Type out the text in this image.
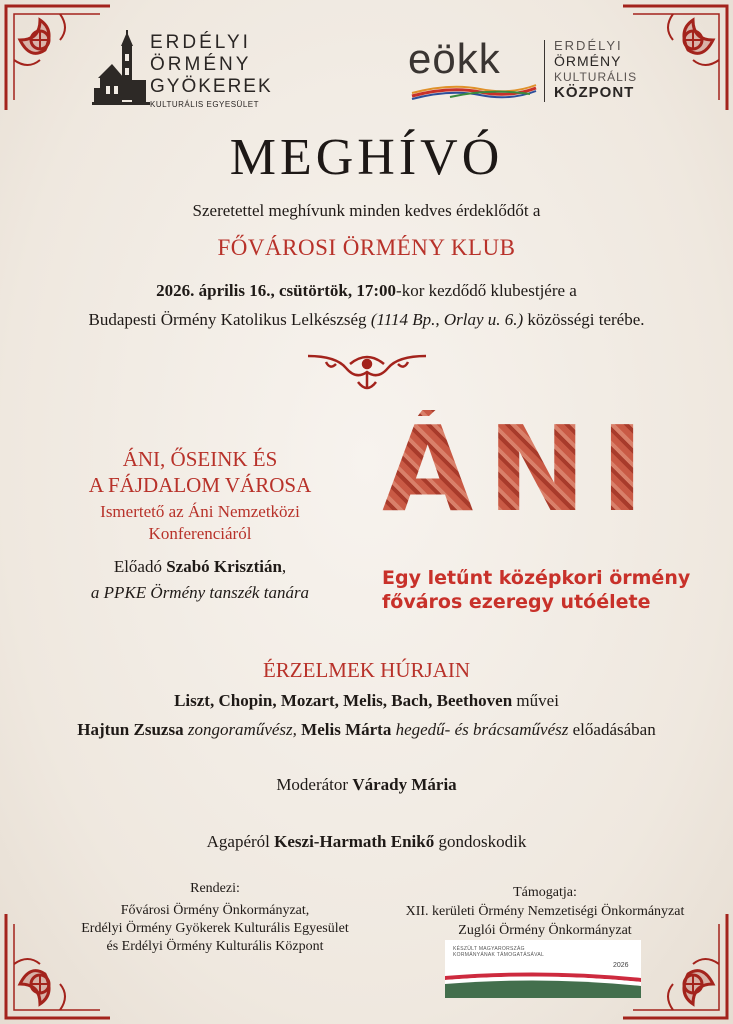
ERDÉLYI
ÖRMÉNY
GYÖKEREK
KULTURÁLIS EGYESÜLET
eökk	ERDÉLYI
ÖRMÉNY
KULTURÁLIS
KÖZPONT
MEGHÍVÓ
Szeretettel meghívunk minden kedves érdeklődőt a
FŐVÁROSI ÖRMÉNY KLUB
2026. április 16., csütörtök, 17:00-kor kezdődő klubestjére a
Budapesti Örmény Katolikus Lelkészség (1114 Bp., Orlay u. 6.) közösségi terébe.
ÁNI, ŐSEINK ÉS
A FÁJDALOM VÁROSA
Ismertető az Áni Nemzetközi
Konferenciáról
Előadó Szabó Krisztián,
a PPKE Örmény tanszék tanára
ÁNI
Egy letűnt középkori örmény
főváros ezeregy utóélete
ÉRZELMEK HÚRJAIN
Liszt, Chopin, Mozart, Melis, Bach, Beethoven művei
Hajtun Zsuzsa zongoraművész, Melis Márta hegedű- és brácsaművész előadásában
Moderátor Várady Mária
Agapéról Keszi-Harmath Enikő gondoskodik
Rendezi:
Fővárosi Örmény Önkormányzat,
Erdélyi Örmény Gyökerek Kulturális Egyesület
és Erdélyi Örmény Kulturális Központ
Támogatja:
XII. kerületi Örmény Nemzetiségi Önkormányzat
Zuglói Örmény Önkormányzat
KÉSZÜLT MAGYARORSZÁG
KORMÁNYÁNAK TÁMOGATÁSÁVAL
2026
